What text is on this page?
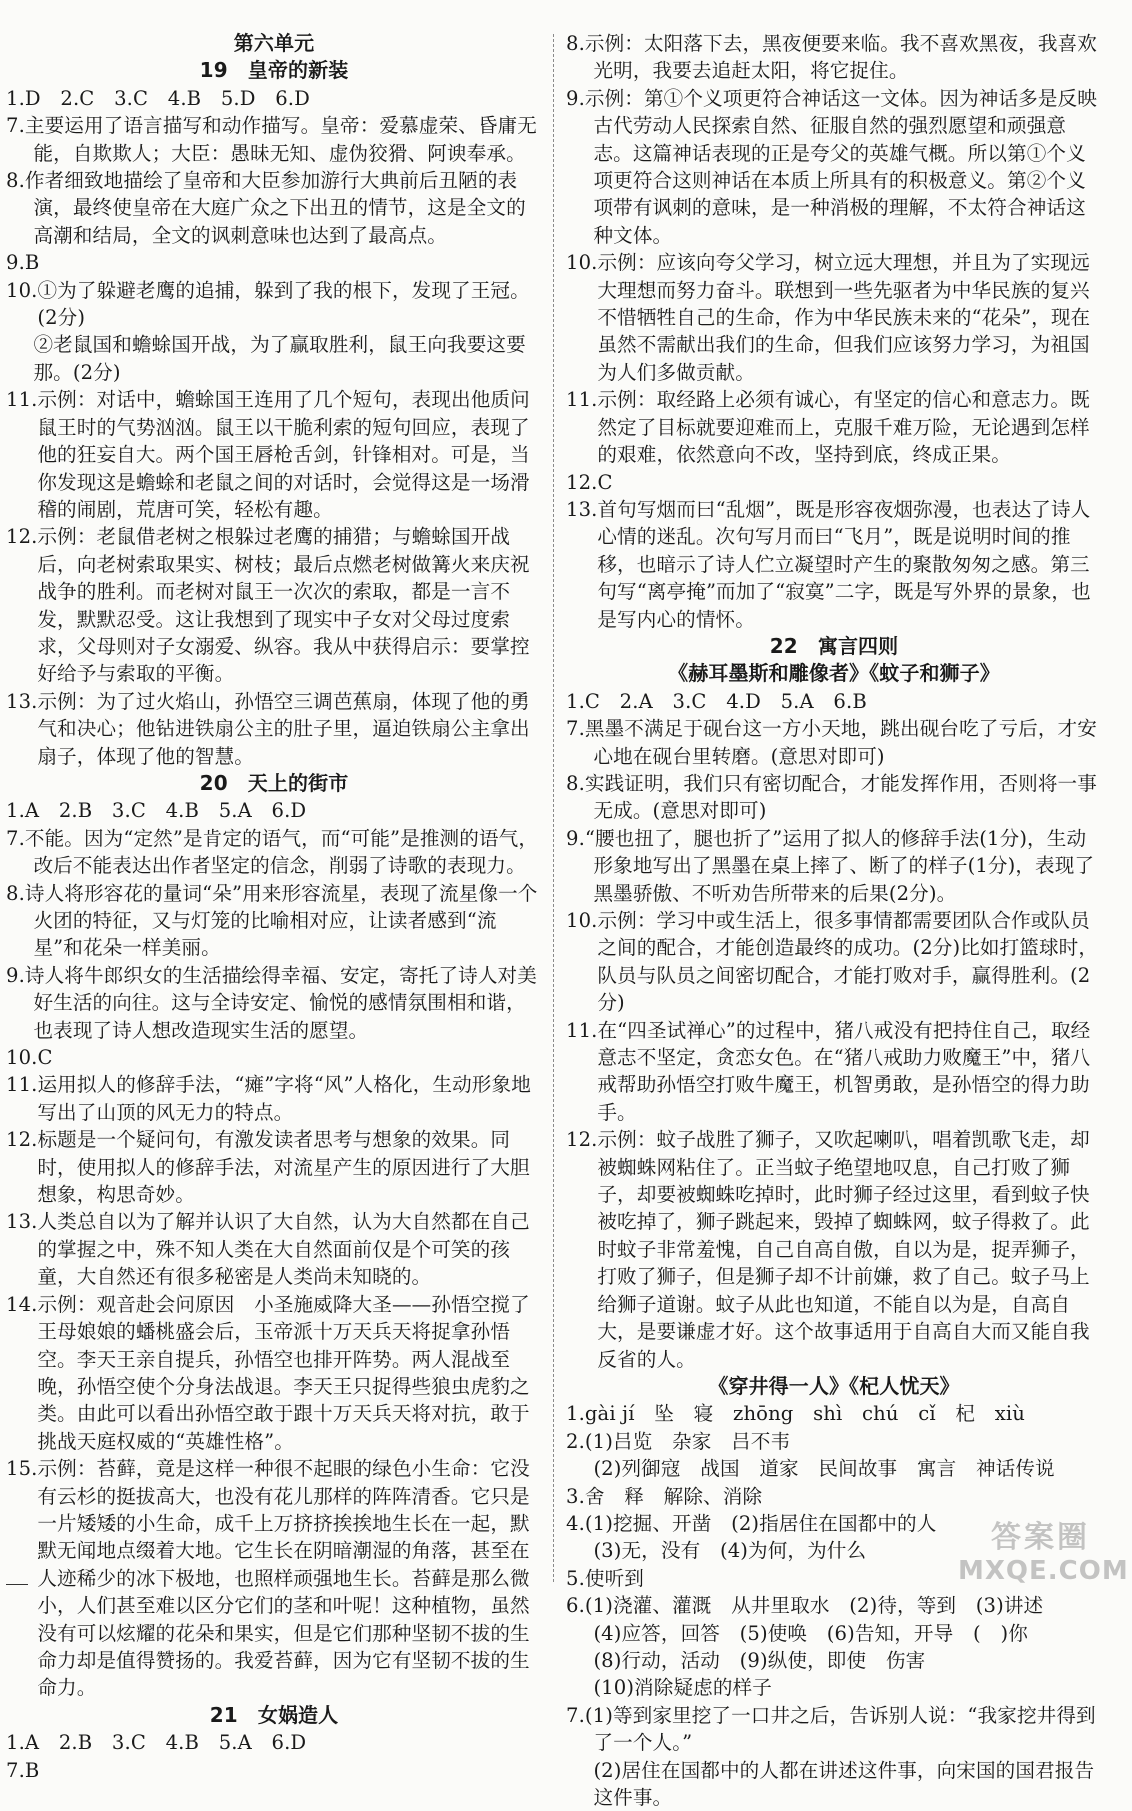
第六单元
19　皇帝的新装
1.D　2.C　3.C　4.B　5.D　6.D
7.主要运用了语言描写和动作描写。皇帝：爱慕虚荣、昏庸无能，自欺欺人；大臣：愚昧无知、虚伪狡猾、阿谀奉承。
8.作者细致地描绘了皇帝和大臣参加游行大典前后丑陋的表演，最终使皇帝在大庭广众之下出丑的情节，这是全文的高潮和结局，全文的讽刺意味也达到了最高点。
9.B
10.①为了躲避老鹰的追捕，躲到了我的根下，发现了王冠。(2分)
②老鼠国和蟾蜍国开战，为了赢取胜利，鼠王向我要这要那。(2分)
11.示例：对话中，蟾蜍国王连用了几个短句，表现出他质问鼠王时的气势汹汹。鼠王以干脆利索的短句回应，表现了他的狂妄自大。两个国王唇枪舌剑，针锋相对。可是，当你发现这是蟾蜍和老鼠之间的对话时，会觉得这是一场滑稽的闹剧，荒唐可笑，轻松有趣。
12.示例：老鼠借老树之根躲过老鹰的捕猎；与蟾蜍国开战后，向老树索取果实、树枝；最后点燃老树做篝火来庆祝战争的胜利。而老树对鼠王一次次的索取，都是一言不发，默默忍受。这让我想到了现实中子女对父母过度索求，父母则对子女溺爱、纵容。我从中获得启示：要掌控好给予与索取的平衡。
13.示例：为了过火焰山，孙悟空三调芭蕉扇，体现了他的勇气和决心；他钻进铁扇公主的肚子里，逼迫铁扇公主拿出扇子，体现了他的智慧。
20　天上的街市
1.A　2.B　3.C　4.B　5.A　6.D
7.不能。因为“定然”是肯定的语气，而“可能”是推测的语气，改后不能表达出作者坚定的信念，削弱了诗歌的表现力。
8.诗人将形容花的量词“朵”用来形容流星，表现了流星像一个火团的特征，又与灯笼的比喻相对应，让读者感到“流星”和花朵一样美丽。
9.诗人将牛郎织女的生活描绘得幸福、安定，寄托了诗人对美好生活的向往。这与全诗安定、愉悦的感情氛围相和谐，也表现了诗人想改造现实生活的愿望。
10.C
11.运用拟人的修辞手法，“瘫”字将“风”人格化，生动形象地写出了山顶的风无力的特点。
12.标题是一个疑问句，有激发读者思考与想象的效果。同时，使用拟人的修辞手法，对流星产生的原因进行了大胆想象，构思奇妙。
13.人类总自以为了解并认识了大自然，认为大自然都在自己的掌握之中，殊不知人类在大自然面前仅是个可笑的孩童，大自然还有很多秘密是人类尚未知晓的。
14.示例：观音赴会问原因　小圣施威降大圣——孙悟空搅了王母娘娘的蟠桃盛会后，玉帝派十万天兵天将捉拿孙悟空。李天王亲自提兵，孙悟空也排开阵势。两人混战至晚，孙悟空使个分身法战退。李天王只捉得些狼虫虎豹之类。由此可以看出孙悟空敢于跟十万天兵天将对抗，敢于挑战天庭权威的“英雄性格”。
15.示例：苔藓，竟是这样一种很不起眼的绿色小生命：它没有云杉的挺拔高大，也没有花儿那样的阵阵清香。它只是一片矮矮的小生命，成千上万挤挤挨挨地生长在一起，默默无闻地点缀着大地。它生长在阴暗潮湿的角落，甚至在人迹稀少的冰下极地，也照样顽强地生长。苔藓是那么微小，人们甚至难以区分它们的茎和叶呢！这种植物，虽然没有可以炫耀的花朵和果实，但是它们那种坚韧不拔的生命力却是值得赞扬的。我爱苔藓，因为它有坚韧不拔的生命力。
21　女娲造人
1.A　2.B　3.C　4.B　5.A　6.D
7.B
8.示例：太阳落下去，黑夜便要来临。我不喜欢黑夜，我喜欢光明，我要去追赶太阳，将它捉住。
9.示例：第①个义项更符合神话这一文体。因为神话多是反映古代劳动人民探索自然、征服自然的强烈愿望和顽强意志。这篇神话表现的正是夸父的英雄气概。所以第①个义项更符合这则神话在本质上所具有的积极意义。第②个义项带有讽刺的意味，是一种消极的理解，不太符合神话这种文体。
10.示例：应该向夸父学习，树立远大理想，并且为了实现远大理想而努力奋斗。联想到一些先驱者为中华民族的复兴不惜牺牲自己的生命，作为中华民族未来的“花朵”，现在虽然不需献出我们的生命，但我们应该努力学习，为祖国为人们多做贡献。
11.示例：取经路上必须有诚心，有坚定的信心和意志力。既然定了目标就要迎难而上，克服千难万险，无论遇到怎样的艰难，依然意向不改，坚持到底，终成正果。
12.C
13.首句写烟而曰“乱烟”，既是形容夜烟弥漫，也表达了诗人心情的迷乱。次句写月而曰“飞月”，既是说明时间的推移，也暗示了诗人伫立凝望时产生的聚散匆匆之感。第三句写“离亭掩”而加了“寂寞”二字，既是写外界的景象，也是写内心的情怀。
22　寓言四则
《赫耳墨斯和雕像者》《蚊子和狮子》
1.C　2.A　3.C　4.D　5.A　6.B
7.黑墨不满足于砚台这一方小天地，跳出砚台吃了亏后，才安心地在砚台里转磨。(意思对即可)
8.实践证明，我们只有密切配合，才能发挥作用，否则将一事无成。(意思对即可)
9.“腰也扭了，腿也折了”运用了拟人的修辞手法(1分)，生动形象地写出了黑墨在桌上摔了、断了的样子(1分)，表现了黑墨骄傲、不听劝告所带来的后果(2分)。
10.示例：学习中或生活上，很多事情都需要团队合作或队员之间的配合，才能创造最终的成功。(2分)比如打篮球时，队员与队员之间密切配合，才能打败对手，赢得胜利。(2分)
11.在“四圣试禅心”的过程中，猪八戒没有把持住自己，取经意志不坚定，贪恋女色。在“猪八戒助力败魔王”中，猪八戒帮助孙悟空打败牛魔王，机智勇敢，是孙悟空的得力助手。
12.示例：蚊子战胜了狮子，又吹起喇叭，唱着凯歌飞走，却被蜘蛛网粘住了。正当蚊子绝望地叹息，自己打败了狮子，却要被蜘蛛吃掉时，此时狮子经过这里，看到蚊子快被吃掉了，狮子跳起来，毁掉了蜘蛛网，蚊子得救了。此时蚊子非常羞愧，自己自高自傲，自以为是，捉弄狮子，打败了狮子，但是狮子却不计前嫌，救了自己。蚊子马上给狮子道谢。蚊子从此也知道，不能自以为是，自高自大，是要谦虚才好。这个故事适用于自高自大而又能自我反省的人。
《穿井得一人》《杞人忧天》
1.gài jí　坠　寝　zhōng　shì　chú　cǐ　杞　xiù
2.(1)吕览　杂家　吕不韦
(2)列御寇　战国　道家　民间故事　寓言　神话传说
3.舍　释　解除、消除
4.(1)挖掘、开凿　(2)指居住在国都中的人
(3)无，没有　(4)为何，为什么
5.使听到
6.(1)浇灌、灌溉　从井里取水　(2)待，等到　(3)讲述
(4)应答，回答　(5)使唤　(6)告知，开导　(　)你
(8)行动，活动　(9)纵使，即使　伤害
(10)消除疑虑的样子
7.(1)等到家里挖了一口井之后，告诉别人说：“我家挖井得到了一个人。”
(2)居住在国都中的人都在讲述这件事，向宋国的国君报告这件事。
答案圈
MXQE.COM
